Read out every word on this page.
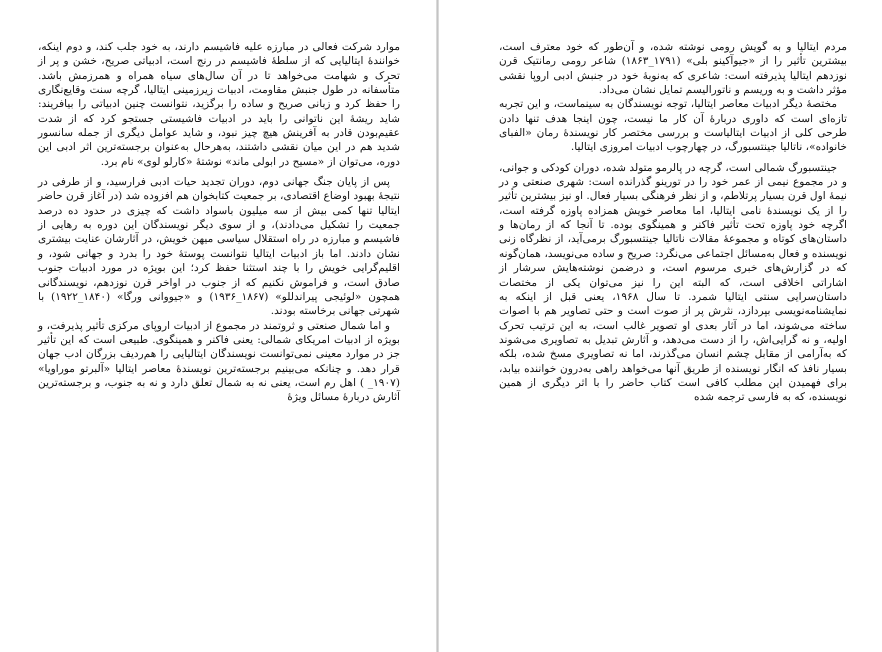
موارد شرکت فعالی در مبارزه علیه فاشیسم دارند، به خود جلب کند، و دوم اینکه، خوانندهٔ ایتالیایی که از سلطهٔ فاشیسم در رنج است، ادبیاتی صریح، خشن و پر از تحرک و شهامت می‌خواهد تا در آن سال‌های سیاه همراه و همرزمش باشد. متأسفانه در طول جنبش مقاومت، ادبیات زیرزمینی ایتالیا، گرچه سنت وقایع‌نگاری را حفظ کرد و زبانی صریح و ساده را برگزید، نتوانست چنین ادبیاتی را بیافریند: شاید ریشهٔ این ناتوانی را باید در ادبیات فاشیستی جستجو کرد که از شدت عقیم‌بودن قادر به آفرینش هیچ چیز نبود، و شاید عوامل دیگری از جمله سانسور شدید هم در این میان نقشی داشتند، به‌هرحال به‌عنوان برجسته‌ترین اثر ادبی این دوره، می‌توان از «مسیح در ابولی ماند» نوشتهٔ «کارلو لوی» نام برد.

پس از پایان جنگ جهانی دوم، دوران تجدید حیات ادبی فرا‌رسید، و از طرفی در نتیجهٔ بهبود اوضاع اقتصادی، بر جمعیت کتابخوان هم افزوده شد (در آغاز قرن حاضر ایتالیا تنها کمی بیش از سه میلیون باسواد داشت که چیزی در حدود ده درصد جمعیت را تشکیل می‌دادند)، و از سوی دیگر نویسندگان این دوره به رهایی از فاشیسم و مبارزه در راه استقلال سیاسی میهن خویش، در آثارشان عنایت بیشتری نشان دادند. اما باز ادبیات ایتالیا نتوانست پوستهٔ خود را بدرد و جهانی شود، و اقلیم‌گرایی خویش را با چند استثنا حفظ کرد؛ این بویژه در مورد ادبیات جنوب صادق است، و فراموش نکنیم که از جنوب در اواخر قرن نوزدهم، نویسندگانی همچون «لوئیجی پیراندللو» (۱۸۶۷_۱۹۳۶) و «جیووانی ورگا» (۱۸۴۰_۱۹۲۲) با شهرتی جهانی برخاسته بودند.

و اما شمال صنعتی و ثروتمند در مجموع از ادبیات اروپای مرکزی تأثیر پذیرفت، و بویژه از ادبیات امریکای شمالی: یعنی فاکنر و همینگوی. طبیعی است که این تأثیر جز در موارد معینی نمی‌توانست نویسندگان ایتالیایی را هم‌ردیف بزرگان ادب جهان قرار دهد. و چنانکه می‌بینیم برجسته‌ترین نویسندهٔ معاصر ایتالیا «آلبرتو موراویا» (۱۹۰۷_ ) اهل رم است، یعنی نه به شمال تعلق دارد و نه به جنوب، و برجسته‌ترین آثارش دربارهٔ مسائل ویژهٔ

مردم ایتالیا و به گویش رومی نوشته شده، و آن‌طور که خود معترف است، بیشترین تأثیر را از «جیوآکینو بلی» (۱۷۹۱_۱۸۶۳) شاعر رومی رمانتیک قرن نوزدهم ایتالیا پذیرفته است: شاعری که به‌نوبهٔ خود در جنبش ادبی اروپا نقشی مؤثر داشت و به وریسم و ناتورالیسم تمایل نشان می‌داد.

مختصهٔ دیگر ادبیات معاصر ایتالیا، توجه نویسندگان به سینماست، و این تجربه تازه‌ای است که داوری دربارهٔ آن کار ما نیست، چون اینجا هدف تنها دادن طرحی کلی از ادبیات ایتالیاست و بررسی مختصر کار نویسندهٔ رمان «الفبای خانواده»، ناتالیا جینتسبورگ، در چهارچوب ادبیات امروزی ایتالیا.

جینتسبورگ شمالی است، گرچه در پالرمو متولد شده، دوران کودکی و جوانی، و در مجموع نیمی از عمر خود را در تورینو گذرانده است: شهری صنعتی و در نیمهٔ اول قرن بسیار پرتلاطم، و از نظر فرهنگی بسیار فعال. او نیز بیشترین تأثیر را از یک نویسندهٔ نامی ایتالیا، اما معاصر خویش همزاده پاوزه گرفته است، اگرچه خود پاوزه تحت تأثیر فاکنر و همینگوی بوده. تا آنجا که از رمان‌ها و داستان‌های کوتاه و مجموعهٔ مقالات ناتالیا جینتسبورگ برمی‌آید، از نظرگاه زنی نویسنده و فعال به‌مسائل اجتماعی می‌نگرد: صریح و ساده می‌نویسد، همان‌گونه که در گزارش‌های خبری مرسوم است، و درضمن نوشته‌هایش سرشار از اشاراتی اخلاقی است، که البته این را نیز می‌توان یکی از مختصات داستان‌سرایی سنتی ایتالیا شمرد. تا سال ۱۹۶۸، یعنی قبل از اینکه به نمایشنامه‌نویسی بپردازد، نثرش پر از صوت است و حتی تصاویر هم با اصوات ساخته می‌شوند، اما در آثار بعدی او تصویر غالب است، به این ترتیب تحرک اولیه، و نه گرایی‌اش، را از دست می‌دهد، و آثارش تبدیل به تصاویری می‌شوند که به‌آرامی از مقابل چشم انسان می‌گذرند، اما نه تصاویری مسخ شده، بلکه بسیار نافذ که انگار نویسنده از طریق آنها می‌خواهد راهی به‌درون خواننده بیابد، برای فهمیدن این مطلب کافی است کتاب حاضر را با اثر دیگری از همین نویسنده، که به فارسی ترجمه شده
